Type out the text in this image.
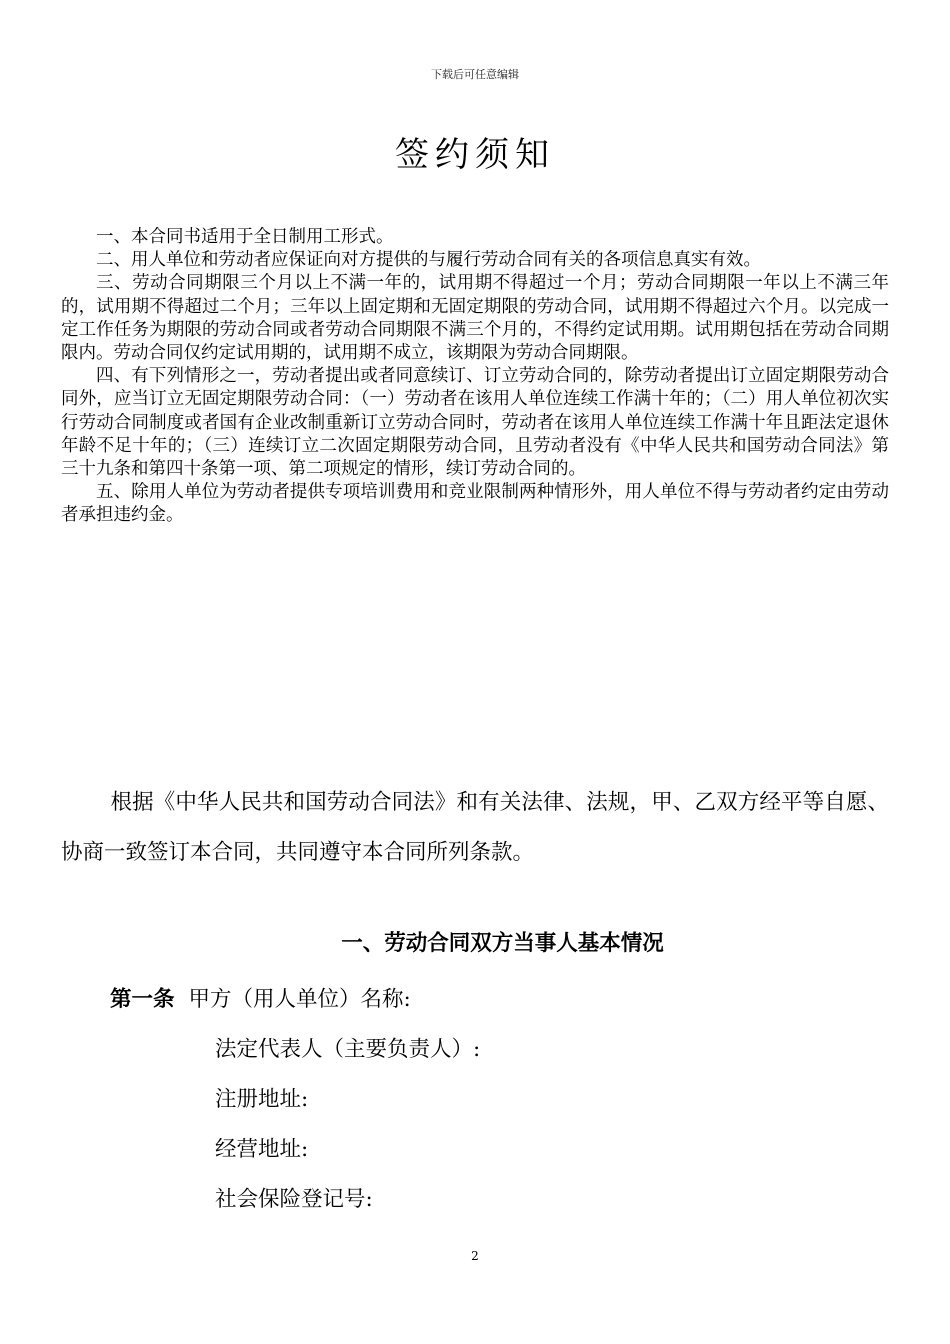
下载后可任意编辑
签约须知

一、本合同书适用于全日制用工形式。

二、用人单位和劳动者应保证向对方提供的与履行劳动合同有关的各项信息真实有效。

三、劳动合同期限三个月以上不满一年的，试用期不得超过一个月；劳动合同期限一年以上不满三年的，试用期不得超过二个月；三年以上固定期和无固定期限的劳动合同，试用期不得超过六个月。以完成一定工作任务为期限的劳动合同或者劳动合同期限不满三个月的，不得约定试用期。试用期包括在劳动合同期限内。劳动合同仅约定试用期的，试用期不成立，该期限为劳动合同期限。

四、有下列情形之一，劳动者提出或者同意续订、订立劳动合同的，除劳动者提出订立固定期限劳动合同外，应当订立无固定期限劳动合同：（一）劳动者在该用人单位连续工作满十年的；（二）用人单位初次实行劳动合同制度或者国有企业改制重新订立劳动合同时，劳动者在该用人单位连续工作满十年且距法定退休年龄不足十年的；（三）连续订立二次固定期限劳动合同，且劳动者没有《中华人民共和国劳动合同法》第三十九条和第四十条第一项、第二项规定的情形，续订劳动合同的。

五、除用人单位为劳动者提供专项培训费用和竞业限制两种情形外，用人单位不得与劳动者约定由劳动者承担违约金。

根据《中华人民共和国劳动合同法》和有关法律、法规，甲、乙双方经平等自愿、协商一致签订本合同，共同遵守本合同所列条款。
一、劳动合同双方当事人基本情况
第一条 甲方（用人单位）名称:
法定代表人（主要负责人）:
注册地址:
经营地址:
社会保险登记号:
2
